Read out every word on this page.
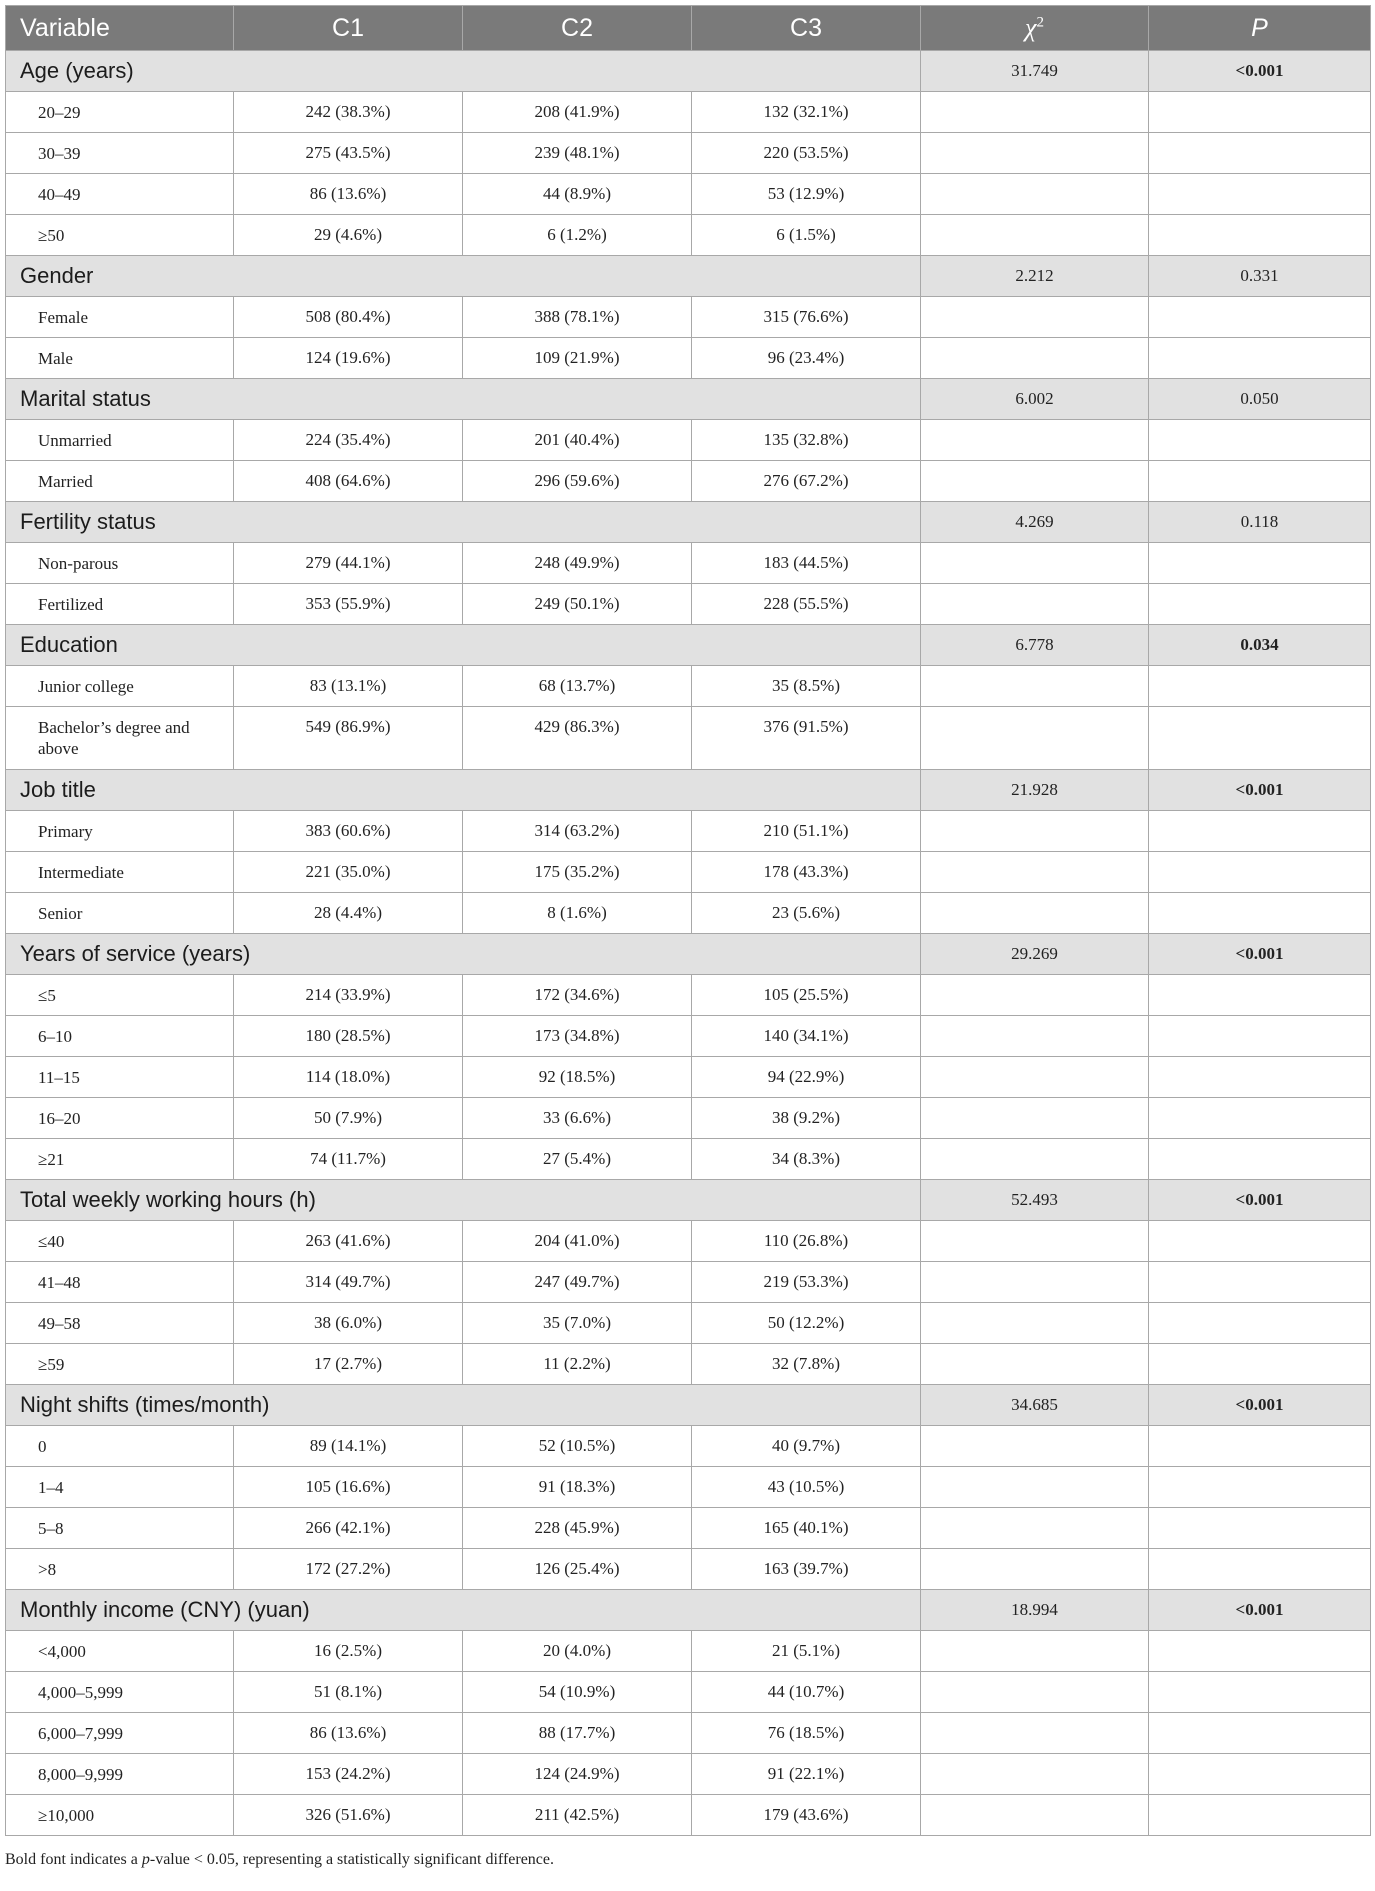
Variable	C1	C2	C3	$\chi^2$	P
Age (years)				31.749	<0.001
20–29	242 (38.3%)	208 (41.9%)	132 (32.1%)		
30–39	275 (43.5%)	239 (48.1%)	220 (53.5%)		
40–49	86 (13.6%)	44 (8.9%)	53 (12.9%)		
≥50	29 (4.6%)	6 (1.2%)	6 (1.5%)		
Gender				2.212	0.331
Female	508 (80.4%)	388 (78.1%)	315 (76.6%)		
Male	124 (19.6%)	109 (21.9%)	96 (23.4%)		
Marital status				6.002	0.050
Unmarried	224 (35.4%)	201 (40.4%)	135 (32.8%)		
Married	408 (64.6%)	296 (59.6%)	276 (67.2%)		
Fertility status				4.269	0.118
Non-parous	279 (44.1%)	248 (49.9%)	183 (44.5%)		
Fertilized	353 (55.9%)	249 (50.1%)	228 (55.5%)		
Education				6.778	0.034
Junior college	83 (13.1%)	68 (13.7%)	35 (8.5%)		
Bachelor’s degree and above	549 (86.9%)	429 (86.3%)	376 (91.5%)		
Job title				21.928	<0.001
Primary	383 (60.6%)	314 (63.2%)	210 (51.1%)		
Intermediate	221 (35.0%)	175 (35.2%)	178 (43.3%)		
Senior	28 (4.4%)	8 (1.6%)	23 (5.6%)		
Years of service (years)				29.269	<0.001
≤5	214 (33.9%)	172 (34.6%)	105 (25.5%)		
6–10	180 (28.5%)	173 (34.8%)	140 (34.1%)		
11–15	114 (18.0%)	92 (18.5%)	94 (22.9%)		
16–20	50 (7.9%)	33 (6.6%)	38 (9.2%)		
≥21	74 (11.7%)	27 (5.4%)	34 (8.3%)		
Total weekly working hours (h)				52.493	<0.001
≤40	263 (41.6%)	204 (41.0%)	110 (26.8%)		
41–48	314 (49.7%)	247 (49.7%)	219 (53.3%)		
49–58	38 (6.0%)	35 (7.0%)	50 (12.2%)		
≥59	17 (2.7%)	11 (2.2%)	32 (7.8%)		
Night shifts (times/month)				34.685	<0.001
0	89 (14.1%)	52 (10.5%)	40 (9.7%)		
1–4	105 (16.6%)	91 (18.3%)	43 (10.5%)		
5–8	266 (42.1%)	228 (45.9%)	165 (40.1%)		
>8	172 (27.2%)	126 (25.4%)	163 (39.7%)		
Monthly income (CNY) (yuan)				18.994	<0.001
<4,000	16 (2.5%)	20 (4.0%)	21 (5.1%)		
4,000–5,999	51 (8.1%)	54 (10.9%)	44 (10.7%)		
6,000–7,999	86 (13.6%)	88 (17.7%)	76 (18.5%)		
8,000–9,999	153 (24.2%)	124 (24.9%)	91 (22.1%)		
≥10,000	326 (51.6%)	211 (42.5%)	179 (43.6%)		
Bold font indicates a p-value < 0.05, representing a statistically significant difference.
